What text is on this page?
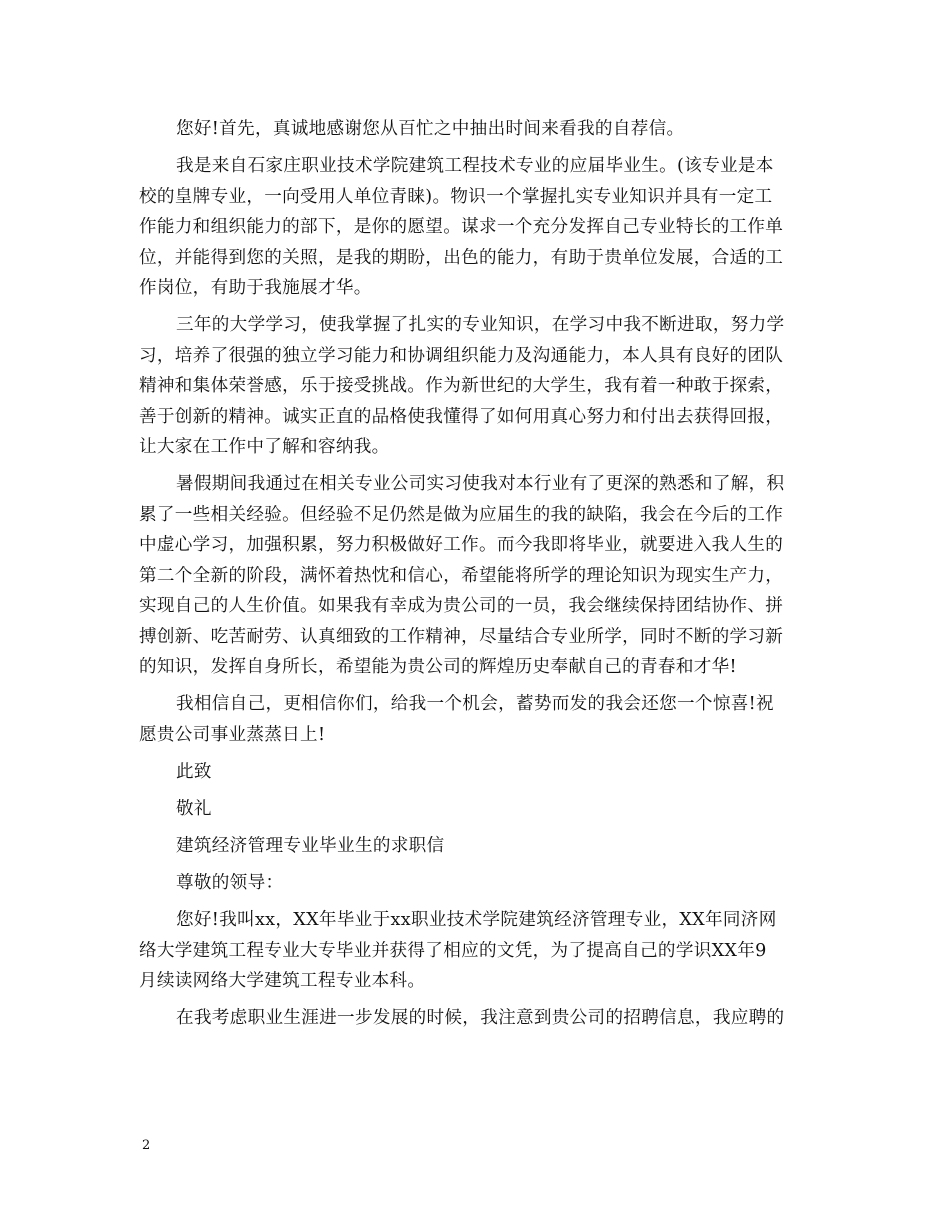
您好!首先，真诚地感谢您从百忙之中抽出时间来看我的自荐信。
我是来自石家庄职业技术学院建筑工程技术专业的应届毕业生。(该专业是本
校的皇牌专业，一向受用人单位青睐)。物识一个掌握扎实专业知识并具有一定工
作能力和组织能力的部下，是你的愿望。谋求一个充分发挥自己专业特长的工作单
位，并能得到您的关照，是我的期盼，出色的能力，有助于贵单位发展，合适的工
作岗位，有助于我施展才华。
三年的大学学习，使我掌握了扎实的专业知识，在学习中我不断进取，努力学
习，培养了很强的独立学习能力和协调组织能力及沟通能力，本人具有良好的团队
精神和集体荣誉感，乐于接受挑战。作为新世纪的大学生，我有着一种敢于探索，
善于创新的精神。诚实正直的品格使我懂得了如何用真心努力和付出去获得回报，
让大家在工作中了解和容纳我。
暑假期间我通过在相关专业公司实习使我对本行业有了更深的熟悉和了解，积
累了一些相关经验。但经验不足仍然是做为应届生的我的缺陷，我会在今后的工作
中虚心学习，加强积累，努力积极做好工作。而今我即将毕业，就要进入我人生的
第二个全新的阶段，满怀着热忱和信心，希望能将所学的理论知识为现实生产力，
实现自己的人生价值。如果我有幸成为贵公司的一员，我会继续保持团结协作、拼
搏创新、吃苦耐劳、认真细致的工作精神，尽量结合专业所学，同时不断的学习新
的知识，发挥自身所长，希望能为贵公司的辉煌历史奉献自己的青春和才华!
我相信自己，更相信你们，给我一个机会，蓄势而发的我会还您一个惊喜!祝
愿贵公司事业蒸蒸日上!
此致
敬礼
建筑经济管理专业毕业生的求职信
尊敬的领导：
您好!我叫xx，XX年毕业于xx职业技术学院建筑经济管理专业，XX年同济网
络大学建筑工程专业大专毕业并获得了相应的文凭，为了提高自己的学识XX年9
月续读网络大学建筑工程专业本科。
在我考虑职业生涯进一步发展的时候，我注意到贵公司的招聘信息，我应聘的
2
